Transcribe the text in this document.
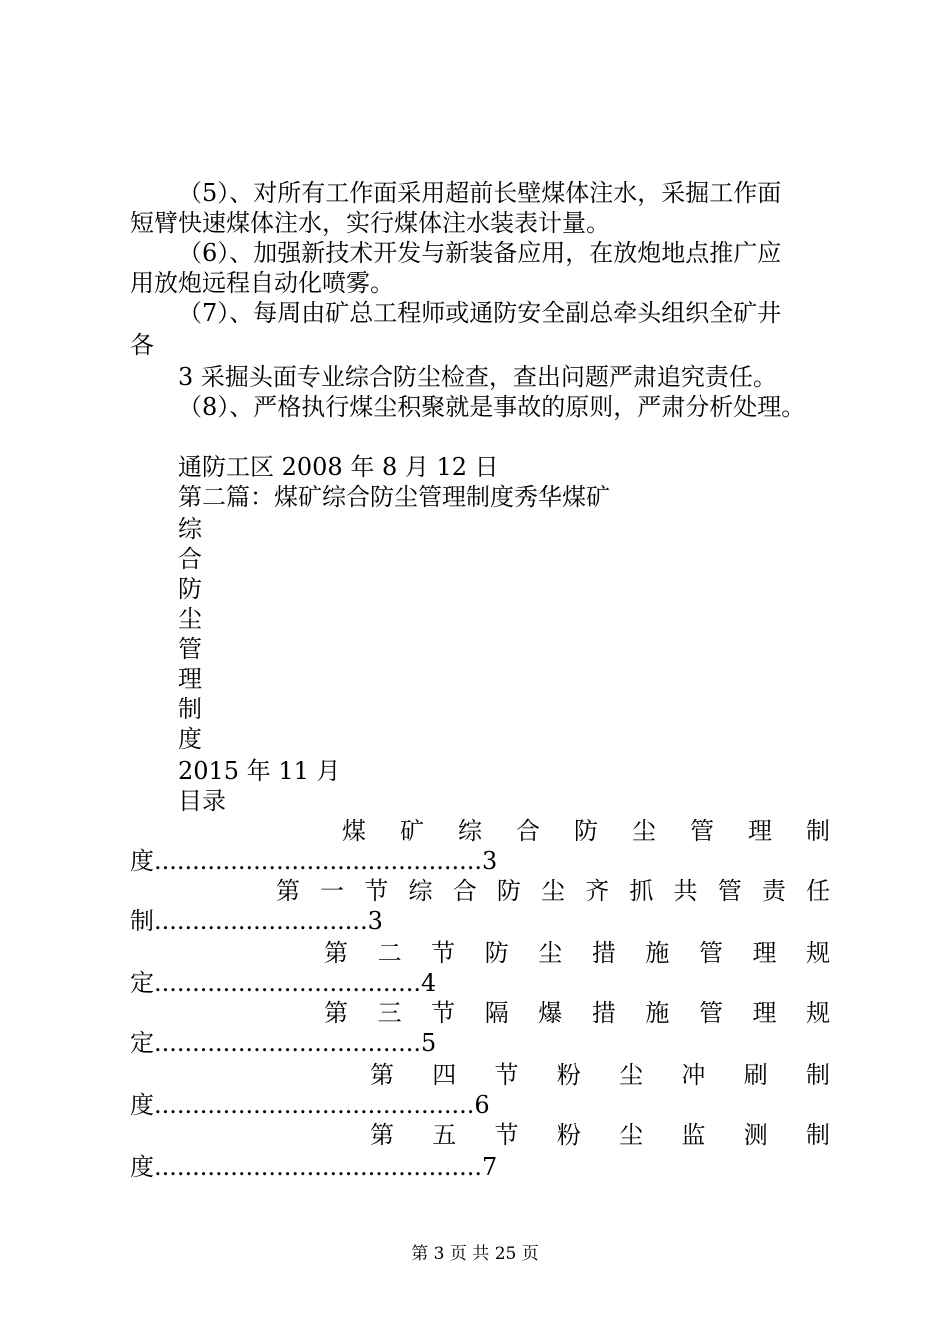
（5）、对所有工作面采用超前长壁煤体注水，采掘工作面
短臂快速煤体注水，实行煤体注水装表计量。
（6）、加强新技术开发与新装备应用，在放炮地点推广应
用放炮远程自动化喷雾。
（7）、每周由矿总工程师或通防安全副总牵头组织全矿井
各
3 采掘头面专业综合防尘检查，查出问题严肃追究责任。
（8）、严格执行煤尘积聚就是事故的原则，严肃分析处理。
通防工区 2008 年 8 月 12 日
第二篇：煤矿综合防尘管理制度秀华煤矿
综
合
防
尘
管
理
制
度
2015 年 11 月
目录
煤 矿 综 合 防 尘 管 理 制
度...........................................3
第 一 节 综 合 防 尘 齐 抓 共 管 责 任
制............................3
第 二 节 防 尘 措 施 管 理 规
定...................................4
第 三 节 隔 爆 措 施 管 理 规
定...................................5
第 四 节 粉 尘 冲 刷 制
度..........................................6
第 五 节 粉 尘 监 测 制
度...........................................7
第 3 页 共 25 页
